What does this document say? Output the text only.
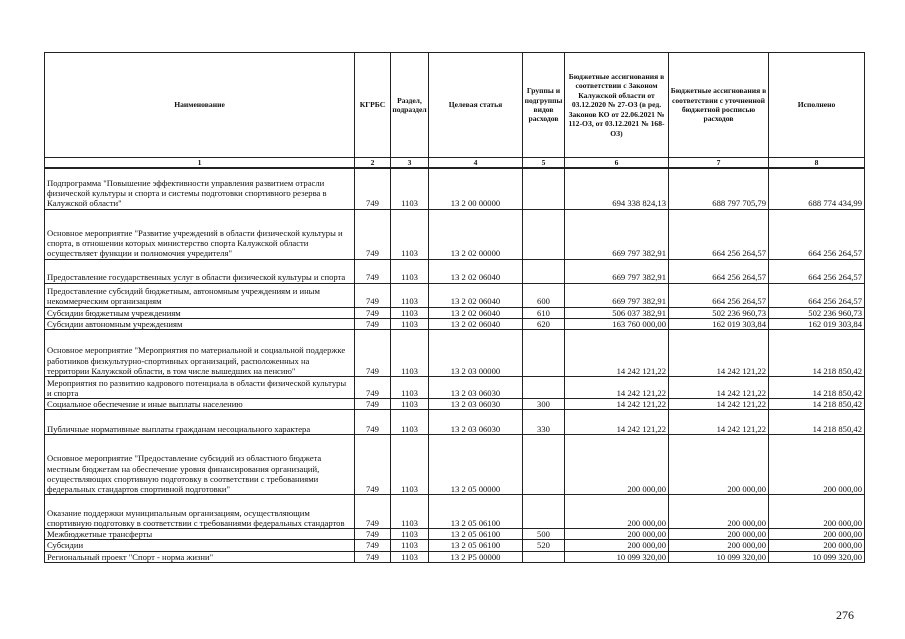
Наименование	КГРБС	Раздел, подраздел	Целевая статья	Группы и подгруппы видов расходов	Бюджетные ассигнования в соответствии с Законом Калужской области от 03.12.2020 № 27-ОЗ (в ред. Законов КО от 22.06.2021 № 112-ОЗ, от 03.12.2021 № 168-ОЗ)	Бюджетные ассигнования в соответствии с уточненной бюджетной росписью расходов	Исполнено
1	2	3	4	5	6	7	8
Подпрограмма "Повышение эффективности управления развитием отрасли физической культуры и спорта и системы подготовки спортивного резерва в Калужской области"	749	1103	13 2 00 00000		694 338 824,13	688 797 705,79	688 774 434,99
Основное мероприятие "Развитие учреждений в области физической культуры и спорта, в отношении которых министерство спорта Калужской области осуществляет функции и полномочия учредителя"	749	1103	13 2 02 00000		669 797 382,91	664 256 264,57	664 256 264,57
Предоставление государственных услуг в области физической культуры и спорта	749	1103	13 2 02 06040		669 797 382,91	664 256 264,57	664 256 264,57
Предоставление субсидий бюджетным, автономным учреждениям и иным некоммерческим организациям	749	1103	13 2 02 06040	600	669 797 382,91	664 256 264,57	664 256 264,57
Субсидии бюджетным учреждениям	749	1103	13 2 02 06040	610	506 037 382,91	502 236 960,73	502 236 960,73
Субсидии автономным учреждениям	749	1103	13 2 02 06040	620	163 760 000,00	162 019 303,84	162 019 303,84
Основное мероприятие "Мероприятия по материальной и социальной поддержке работников физкультурно-спортивных организаций, расположенных на территории Калужской области, в том числе вышедших на пенсию"	749	1103	13 2 03 00000		14 242 121,22	14 242 121,22	14 218 850,42
Мероприятия по развитию кадрового потенциала в области физической культуры и спорта	749	1103	13 2 03 06030		14 242 121,22	14 242 121,22	14 218 850,42
Социальное обеспечение и иные выплаты населению	749	1103	13 2 03 06030	300	14 242 121,22	14 242 121,22	14 218 850,42
Публичные нормативные выплаты гражданам несоциального характера	749	1103	13 2 03 06030	330	14 242 121,22	14 242 121,22	14 218 850,42
Основное мероприятие "Предоставление субсидий из областного бюджета местным бюджетам на обеспечение уровня финансирования организаций, осуществляющих спортивную подготовку в соответствии с требованиями федеральных стандартов спортивной подготовки"	749	1103	13 2 05 00000		200 000,00	200 000,00	200 000,00
Оказание поддержки муниципальным организациям, осуществляющим спортивную подготовку в соответствии с требованиями федеральных стандартов	749	1103	13 2 05 06100		200 000,00	200 000,00	200 000,00
Межбюджетные трансферты	749	1103	13 2 05 06100	500	200 000,00	200 000,00	200 000,00
Субсидии	749	1103	13 2 05 06100	520	200 000,00	200 000,00	200 000,00
Региональный проект "Спорт - норма жизни"	749	1103	13 2 P5 00000		10 099 320,00	10 099 320,00	10 099 320,00
276
